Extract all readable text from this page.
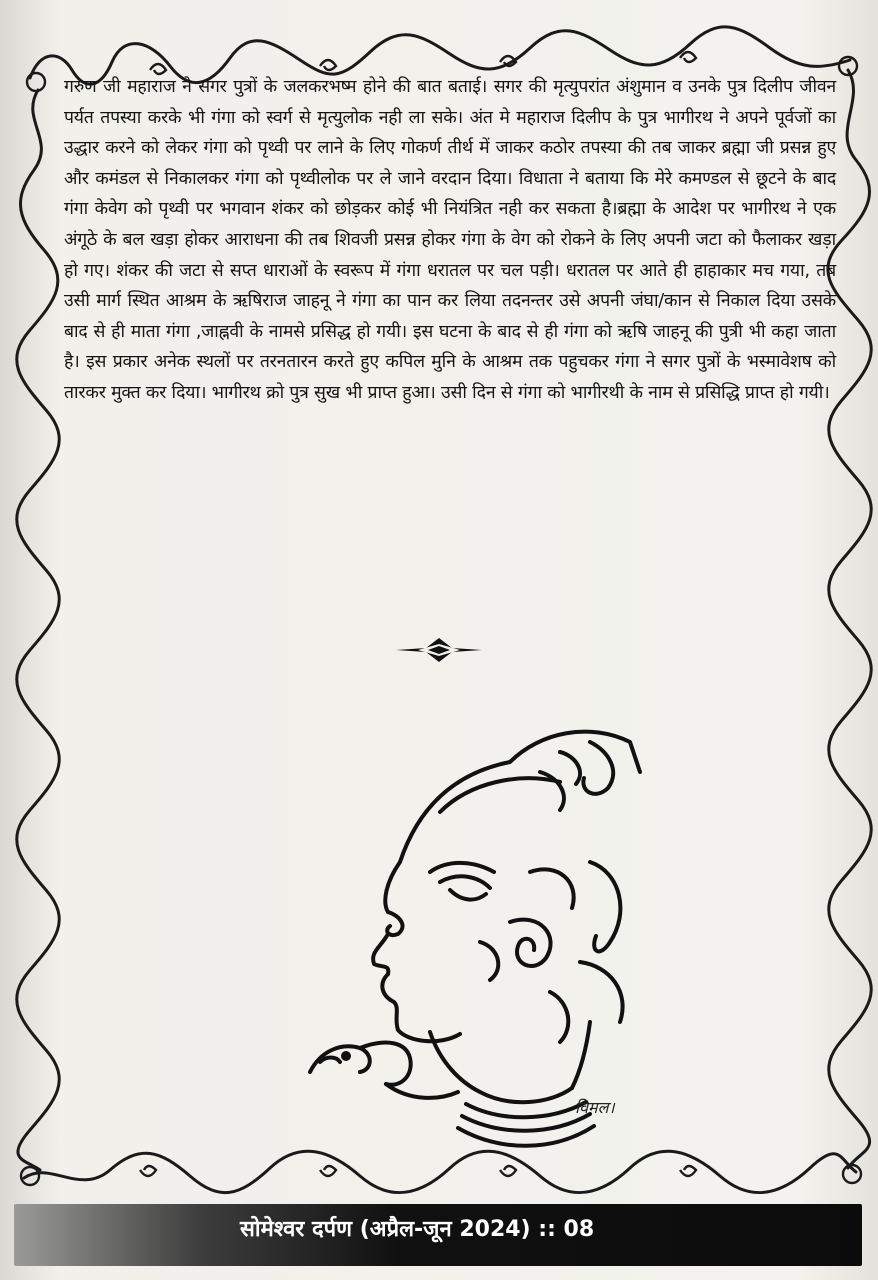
गरुण जी महाराज ने सगर पुत्रों के जलकरभष्म होने की बात बताई। सगर की मृत्युपरांत अंशुमान व उनके पुत्र दिलीप जीवन पर्यत तपस्या करके भी गंगा को स्वर्ग से मृत्युलोक नही ला सके। अंत मे महाराज दिलीप के पुत्र भागीरथ ने अपने पूर्वजों का उद्धार करने को लेकर गंगा को पृथ्वी पर लाने के लिए गोकर्ण तीर्थ में जाकर कठोर तपस्या की तब जाकर ब्रह्मा जी प्रसन्न हुए और कमंडल से निकालकर गंगा को पृथ्वीलोक पर ले जाने वरदान दिया। विधाता ने बताया कि मेरे कमण्डल से छूटने के बाद गंगा केवेग को पृथ्वी पर भगवान शंकर को छोड़कर कोई भी नियंत्रित नही कर सकता है।ब्रह्मा के आदेश पर भागीरथ ने एक अंगूठे के बल खड़ा होकर आराधना की तब शिवजी प्रसन्न होकर गंगा के वेग को रोकने के लिए अपनी जटा को फैलाकर खड़ा हो गए। शंकर की जटा से सप्त धाराओं के स्वरूप में गंगा धरातल पर चल पड़ी। धरातल पर आते ही हाहाकार मच गया, तब उसी मार्ग स्थित आश्रम के ऋषिराज जाहनू ने गंगा का पान कर लिया तदनन्तर उसे अपनी जंघा/कान से निकाल दिया उसके बाद से ही माता गंगा ,जाह्नवी के नामसे प्रसिद्ध हो गयी। इस घटना के बाद से ही गंगा को ऋषि जाहनू की पुत्री भी कहा जाता है। इस प्रकार अनेक स्थलों पर तरनतारन करते हुए कपिल मुनि के आश्रम तक पहुचकर गंगा ने सगर पुत्रों के भस्मावेशष को तारकर मुक्त कर दिया। भागीरथ क्रो पुत्र सुख भी प्राप्त हुआ। उसी दिन से गंगा को भागीरथी के नाम से प्रसिद्धि प्राप्त हो गयी।

विमल।
सोमेश्वर दर्पण (अप्रैल-जून 2024) :: 08
